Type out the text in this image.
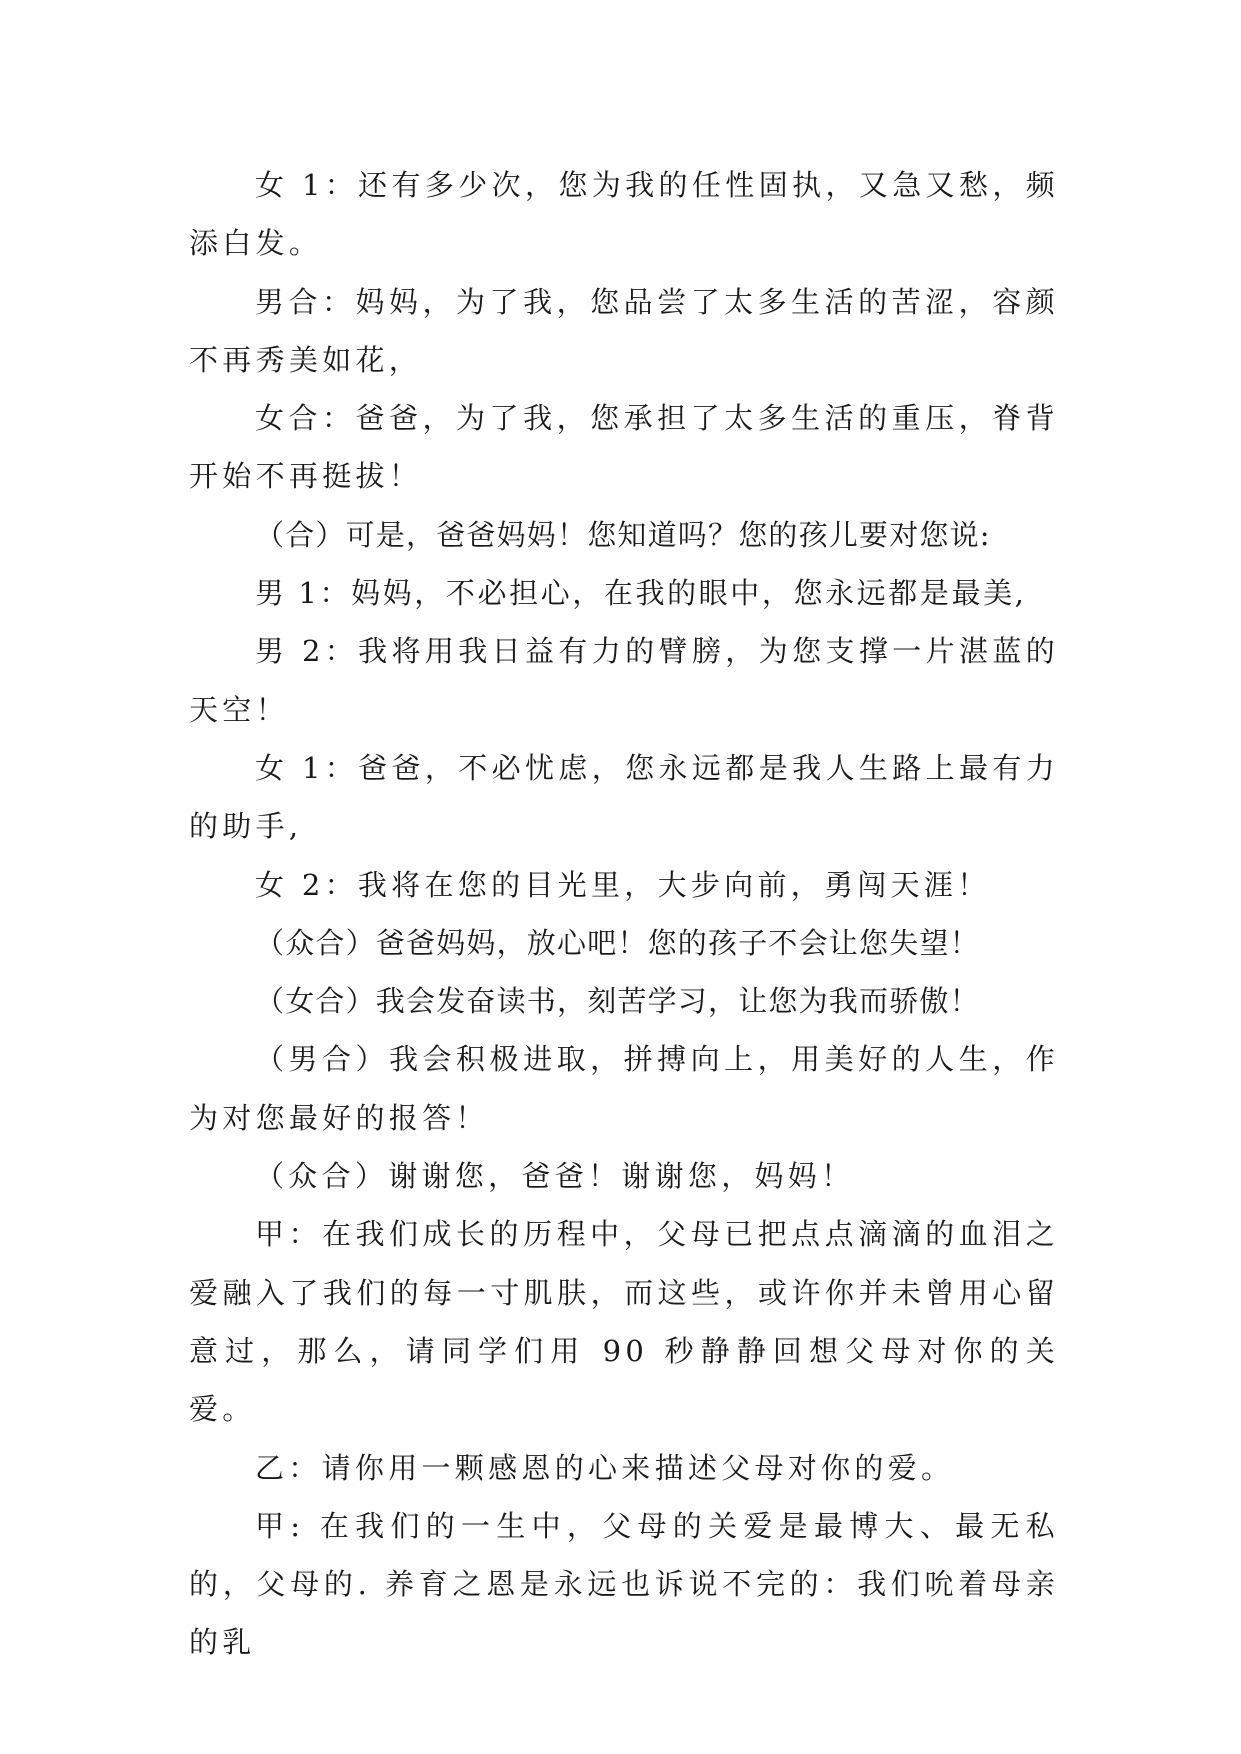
女 1：还有多少次，您为我的任性固执，又急又愁，频添白发。

男合：妈妈，为了我，您品尝了太多生活的苦涩，容颜不再秀美如花，

女合：爸爸，为了我，您承担了太多生活的重压，脊背开始不再挺拔！

（合）可是，爸爸妈妈！您知道吗？您的孩儿要对您说:

男 1：妈妈，不必担心，在我的眼中，您永远都是最美,

男 2：我将用我日益有力的臂膀，为您支撑一片湛蓝的天空！

女 1：爸爸，不必忧虑，您永远都是我人生路上最有力的助手,

女 2：我将在您的目光里，大步向前，勇闯天涯！

（众合）爸爸妈妈，放心吧！您的孩子不会让您失望！

（女合）我会发奋读书，刻苦学习，让您为我而骄傲！

（男合）我会积极进取，拼搏向上，用美好的人生，作为对您最好的报答！

（众合）谢谢您，爸爸！谢谢您，妈妈！

甲：在我们成长的历程中，父母已把点点滴滴的血泪之爱融入了我们的每一寸肌肤，而这些，或许你并未曾用心留意过，那么，请同学们用 90 秒静静回想父母对你的关爱。

乙：请你用一颗感恩的心来描述父母对你的爱。

甲: 在我们的一生中，父母的关爱是最博大、最无私的，父母的. 养育之恩是永远也诉说不完的：我们吮着母亲的乳
